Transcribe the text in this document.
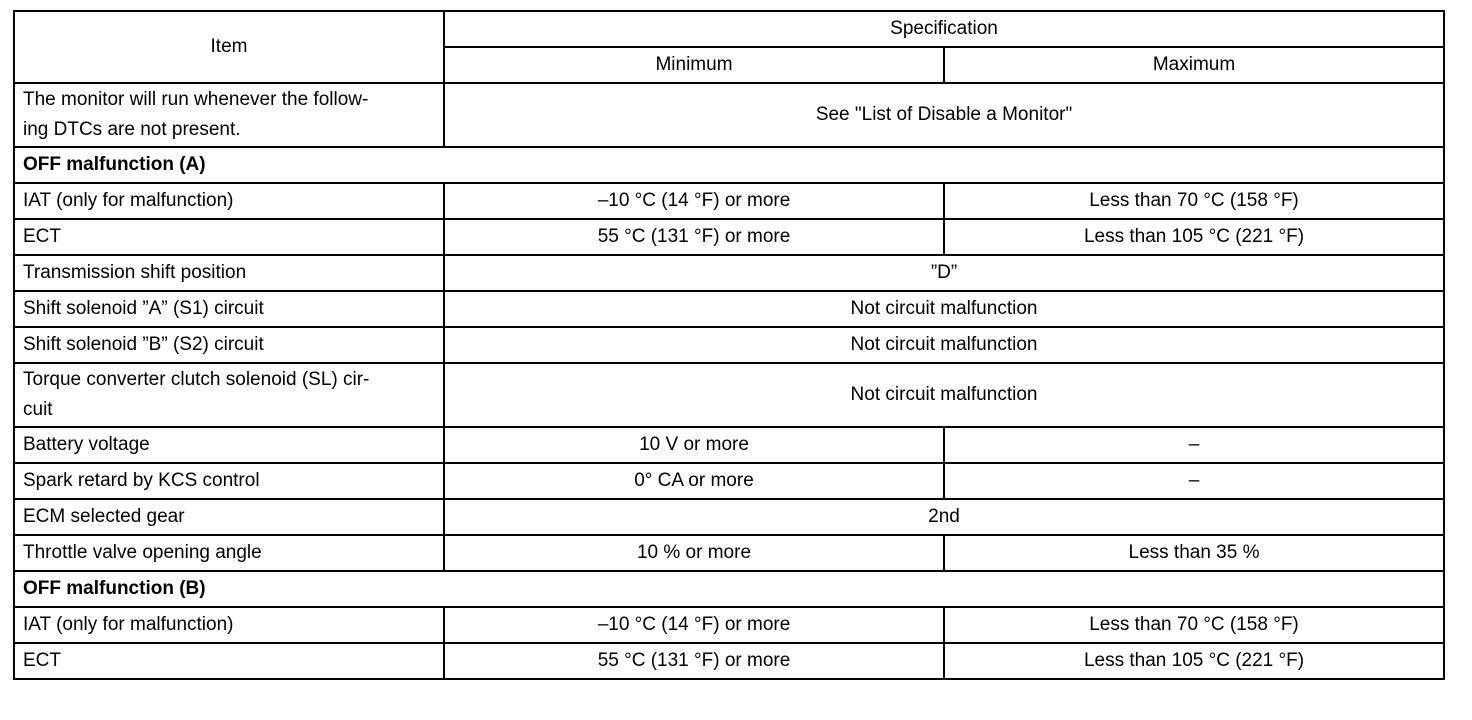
Item	Specification	
	Minimum	Maximum
The monitor will run whenever the follow-
ing DTCs are not present.	See "List of Disable a Monitor"	
OFF malfunction (A)		
IAT (only for malfunction)	–10 °C (14 °F) or more	Less than 70 °C (158 °F)
ECT	55 °C (131 °F) or more	Less than 105 °C (221 °F)
Transmission shift position	”D”	
Shift solenoid ”A” (S1) circuit	Not circuit malfunction	
Shift solenoid ”B” (S2) circuit	Not circuit malfunction	
Torque converter clutch solenoid (SL) cir-
cuit	Not circuit malfunction	
Battery voltage	10 V or more	–
Spark retard by KCS control	0° CA or more	–
ECM selected gear	2nd	
Throttle valve opening angle	10 % or more	Less than 35 %
OFF malfunction (B)		
IAT (only for malfunction)	–10 °C (14 °F) or more	Less than 70 °C (158 °F)
ECT	55 °C (131 °F) or more	Less than 105 °C (221 °F)
